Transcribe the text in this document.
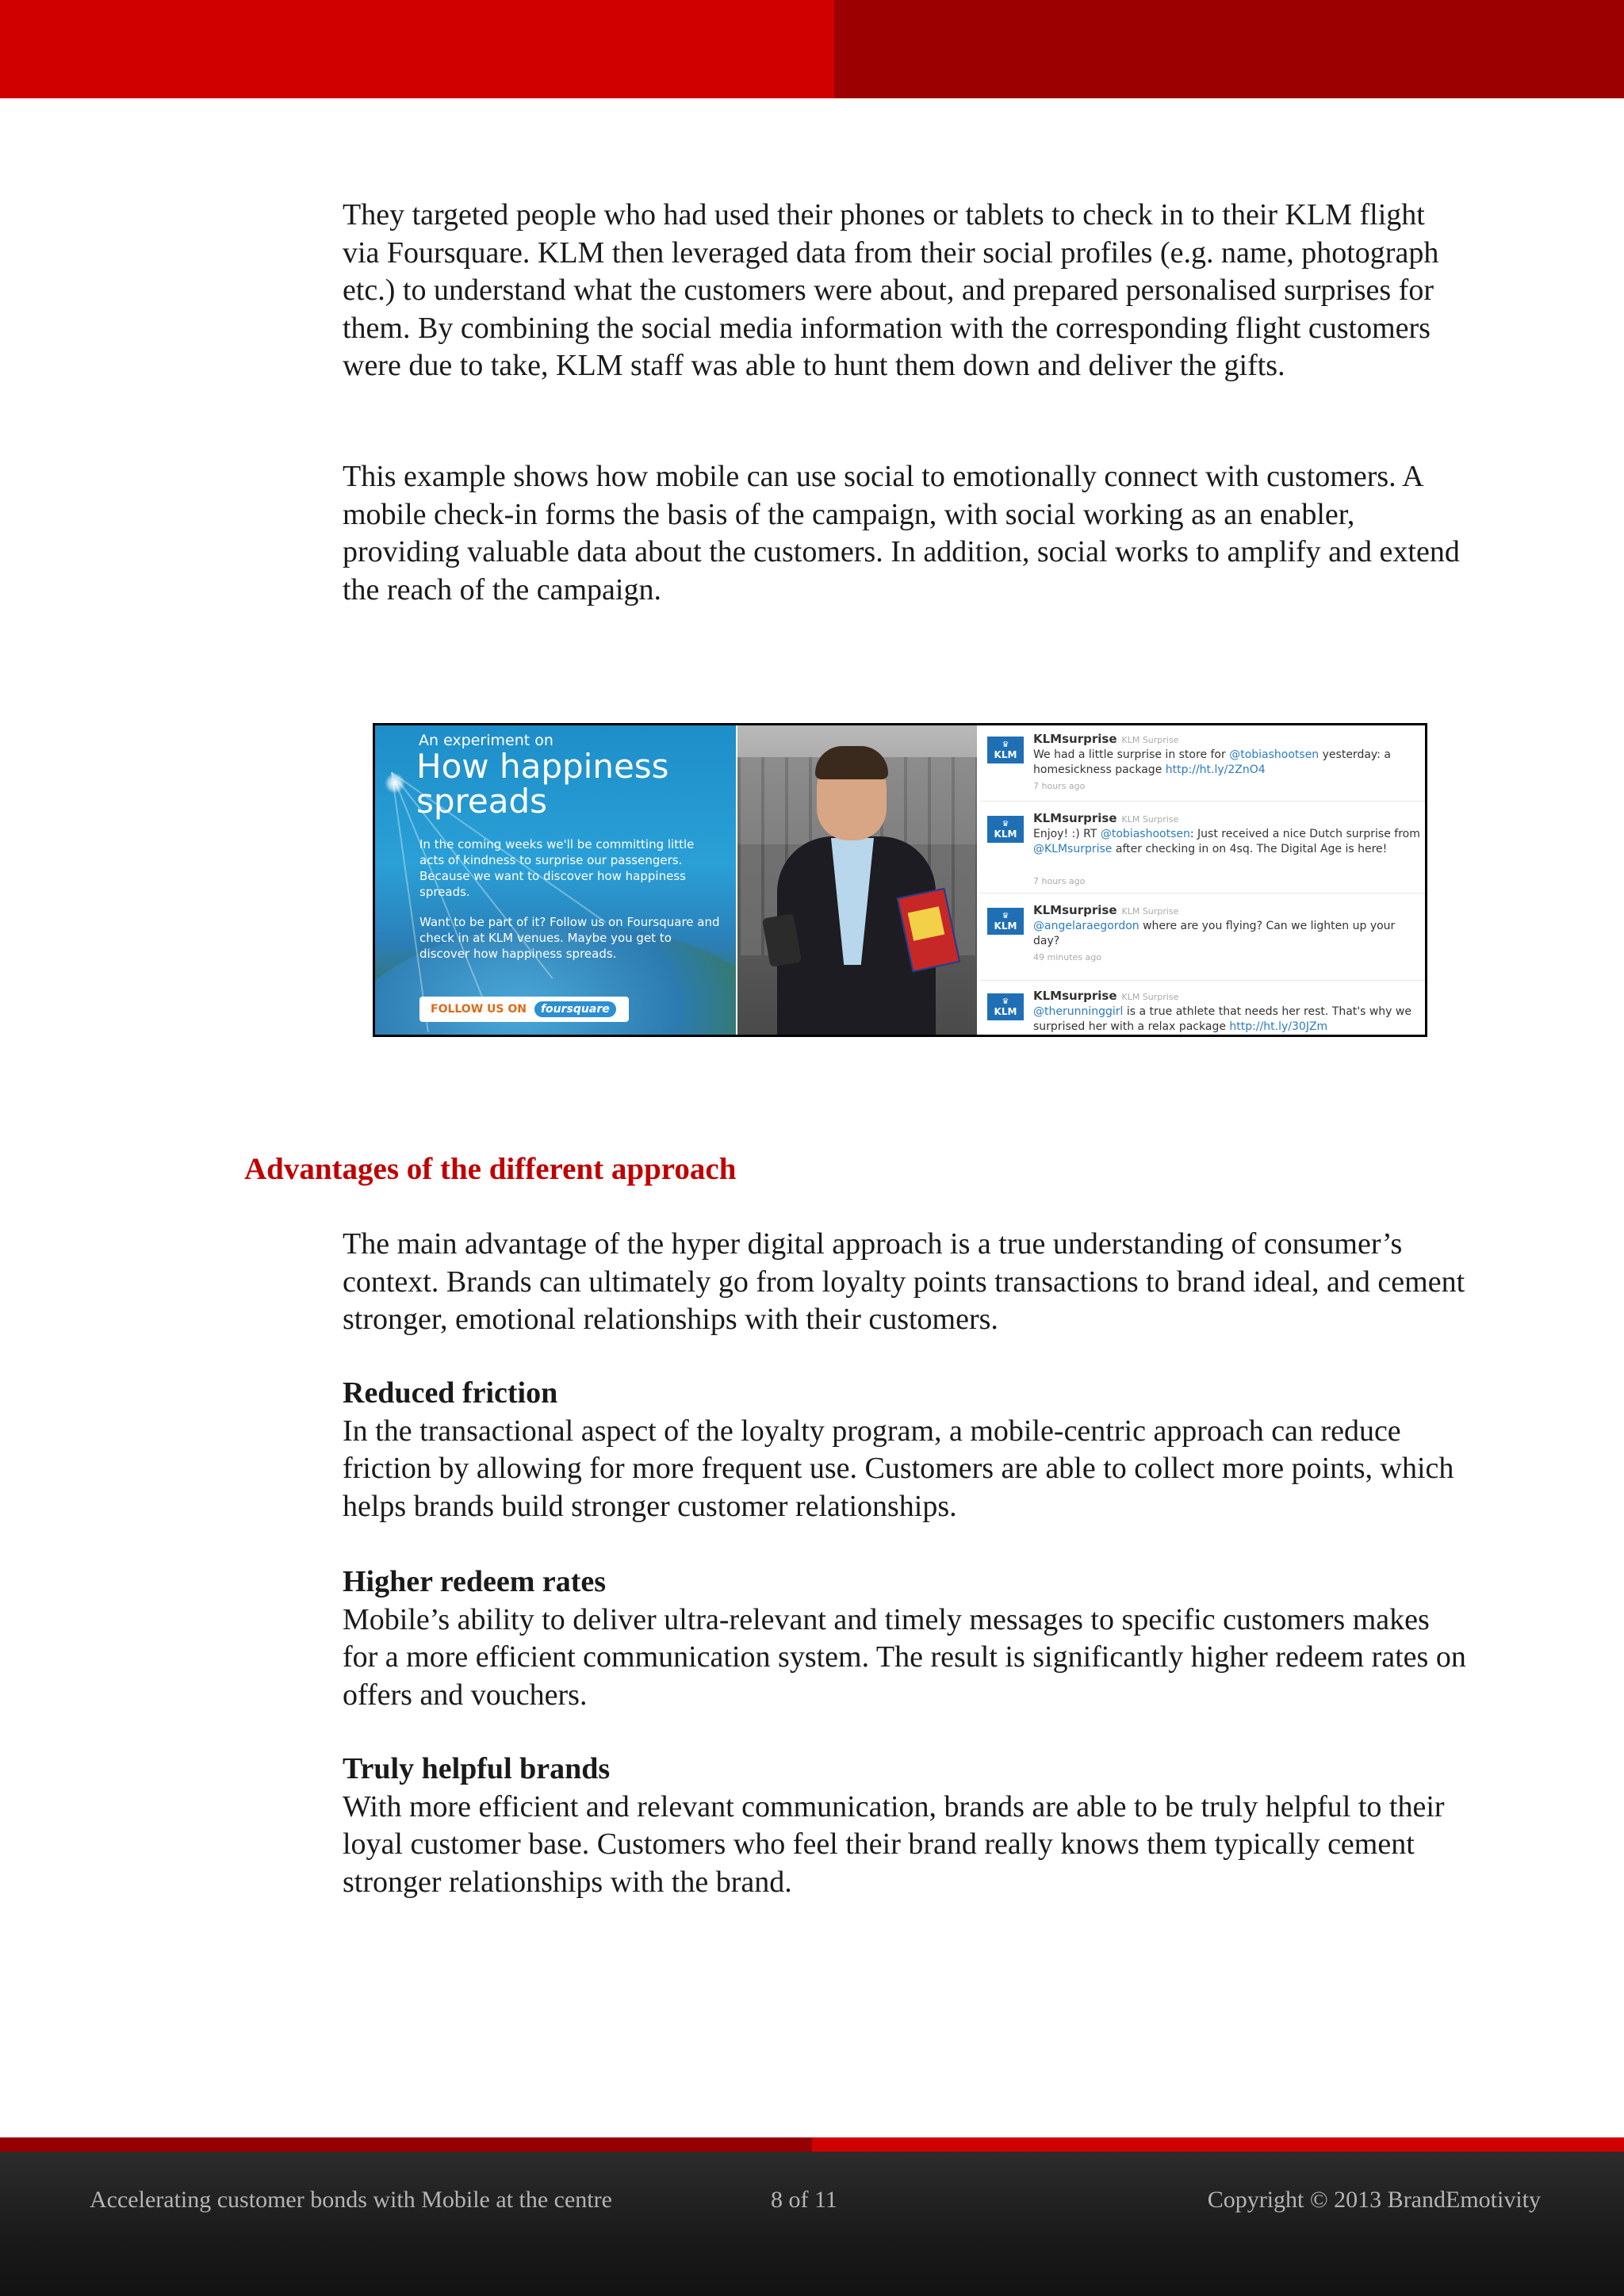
They targeted people who had used their phones or tablets to check in to their KLM flight via Foursquare. KLM then leveraged data from their social profiles (e.g. name, photograph etc.) to understand what the customers were about, and prepared personalised surprises for them. By combining the social media information with the corresponding flight customers were due to take, KLM staff was able to hunt them down and deliver the gifts.

This example shows how mobile can use social to emotionally connect with customers. A mobile check-in forms the basis of the campaign, with social working as an enabler, providing valuable data about the customers. In addition, social works to amplify and extend the reach of the campaign.

An experiment on
How happiness spreads
In the coming weeks we'll be committing little acts of kindness to surprise our passengers. Because we want to discover how happiness spreads.
Want to be part of it? Follow us on Foursquare and check in at KLM venues. Maybe you get to discover how happiness spreads.
FOLLOW US ON	foursquare
♛
KLM
KLMsurprise KLM Surprise
We had a little surprise in store for @tobiashootsen yesterday: a homesickness package http://ht.ly/2ZnO4
7 hours ago
♛
KLM
KLMsurprise KLM Surprise
Enjoy! :) RT @tobiashootsen: Just received a nice Dutch surprise from @KLMsurprise after checking in on 4sq. The Digital Age is here!
7 hours ago
♛
KLM
KLMsurprise KLM Surprise
@angelaraegordon where are you flying? Can we lighten up your day?
49 minutes ago
♛
KLM
KLMsurprise KLM Surprise
@therunninggirl is a true athlete that needs her rest. That's why we surprised her with a relax package http://ht.ly/30JZm
Advantages of the different approach

The main advantage of the hyper digital approach is a true understanding of consumer’s context. Brands can ultimately go from loyalty points transactions to brand ideal, and cement stronger, emotional relationships with their customers.

Reduced friction
In the transactional aspect of the loyalty program, a mobile-centric approach can reduce friction by allowing for more frequent use. Customers are able to collect more points, which helps brands build stronger customer relationships.
Higher redeem rates
Mobile’s ability to deliver ultra-relevant and timely messages to specific customers makes for a more efficient communication system. The result is significantly higher redeem rates on offers and vouchers.
Truly helpful brands
With more efficient and relevant communication, brands are able to be truly helpful to their loyal customer base. Customers who feel their brand really knows them typically cement stronger relationships with the brand.
Accelerating customer bonds with Mobile at the centre	8 of 11	Copyright © 2013 BrandEmotivity
